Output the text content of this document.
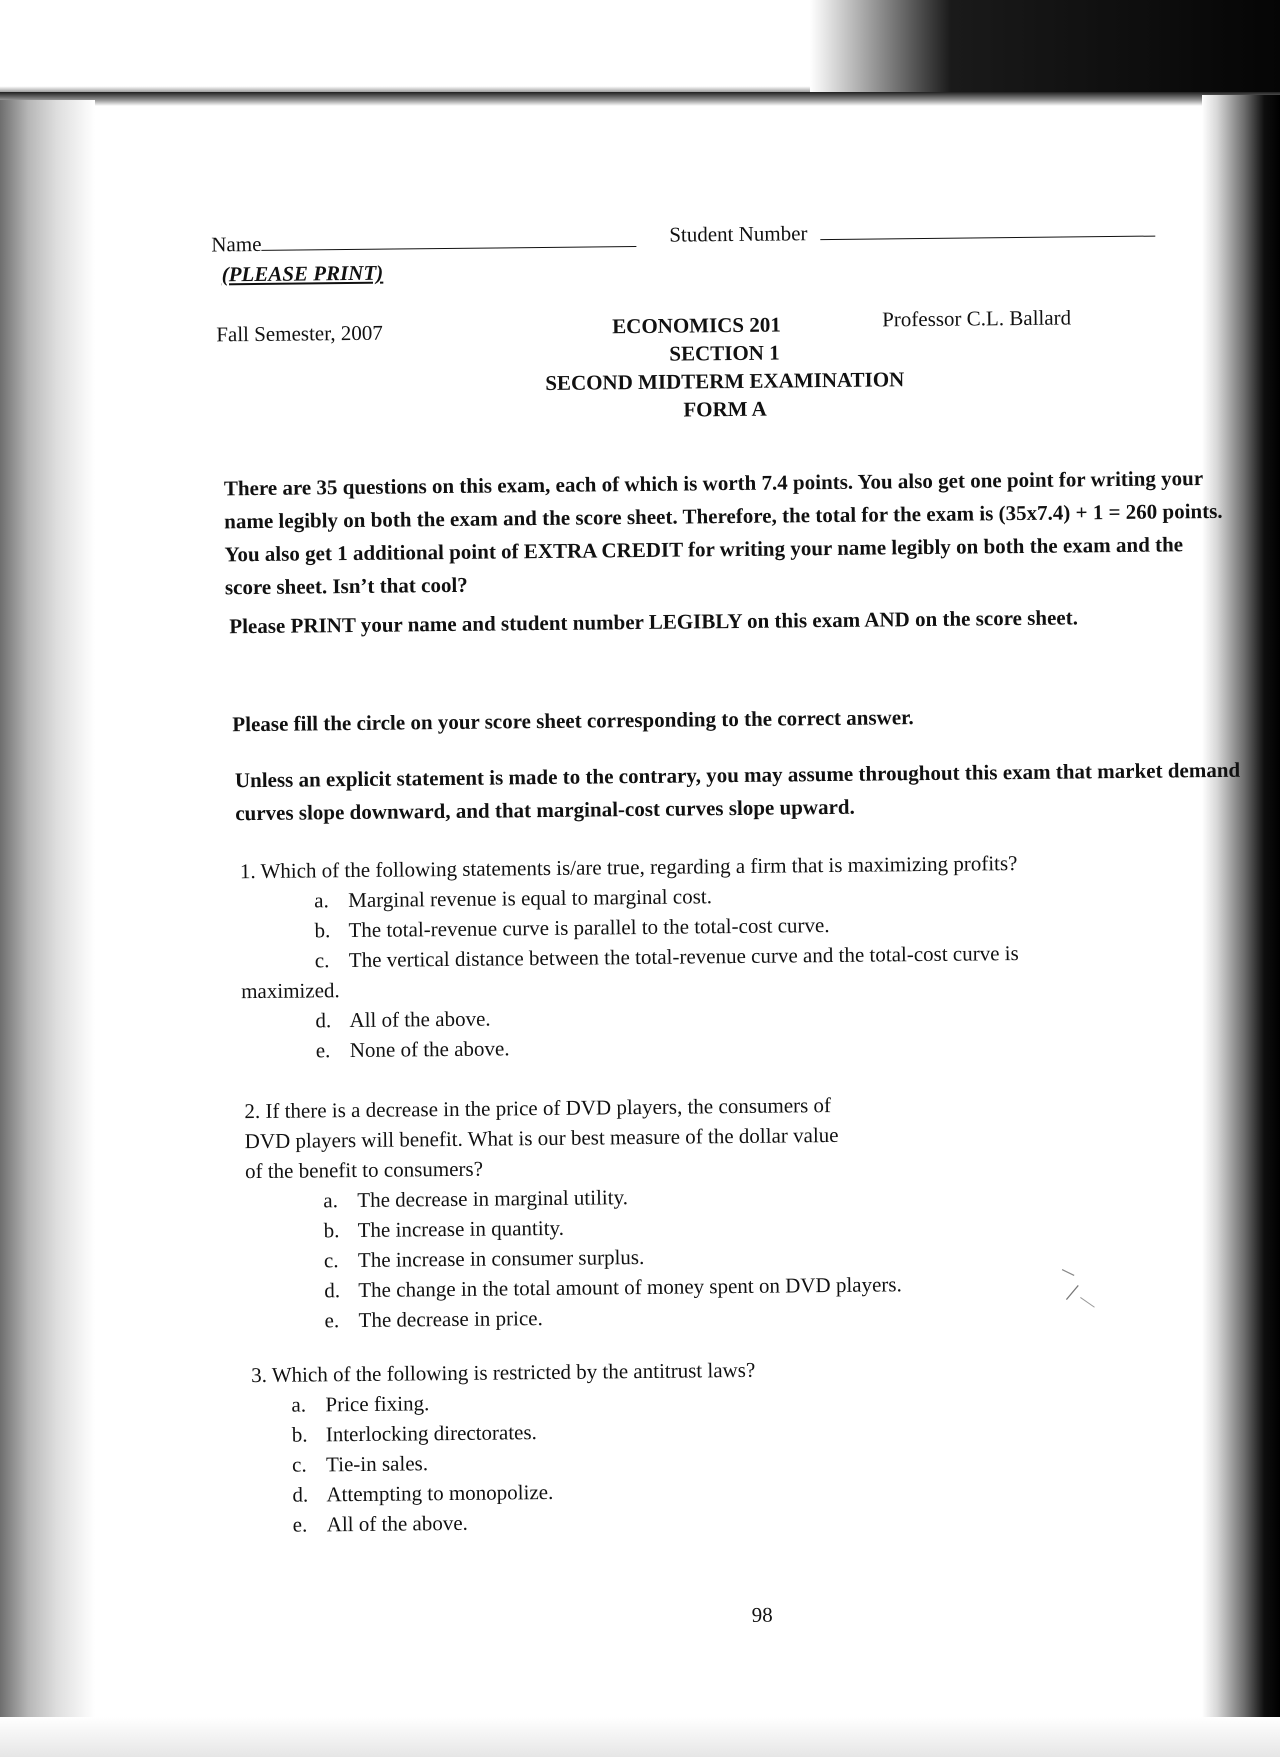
Name
(PLEASE PRINT)
Student Number
Fall Semester, 2007	ECONOMICS 201	Professor C.L. Ballard
SECTION 1
SECOND MIDTERM EXAMINATION
FORM A
There are 35 questions on this exam, each of which is worth 7.4 points. You also get one point for writing your name legibly on both the exam and the score sheet. Therefore, the total for the exam is (35x7.4) + 1 = 260 points. You also get 1 additional point of EXTRA CREDIT for writing your name legibly on both the exam and the score sheet. Isn’t that cool?
Please PRINT your name and student number LEGIBLY on this exam AND on the score sheet.
Please fill the circle on your score sheet corresponding to the correct answer.
Unless an explicit statement is made to the contrary, you may assume throughout this exam that market demand curves slope downward, and that marginal-cost curves slope upward.
1. Which of the following statements is/are true, regarding a firm that is maximizing profits?
a. Marginal revenue is equal to marginal cost.
b. The total-revenue curve is parallel to the total-cost curve.
c. The vertical distance between the total-revenue curve and the total-cost curve is
maximized.
d. All of the above.
e. None of the above.
2. If there is a decrease in the price of DVD players, the consumers of
DVD players will benefit. What is our best measure of the dollar value
of the benefit to consumers?
a. The decrease in marginal utility.
b. The increase in quantity.
c. The increase in consumer surplus.
d. The change in the total amount of money spent on DVD players.
e. The decrease in price.
3. Which of the following is restricted by the antitrust laws?
a. Price fixing.
b. Interlocking directorates.
c. Tie-in sales.
d. Attempting to monopolize.
e. All of the above.
98
